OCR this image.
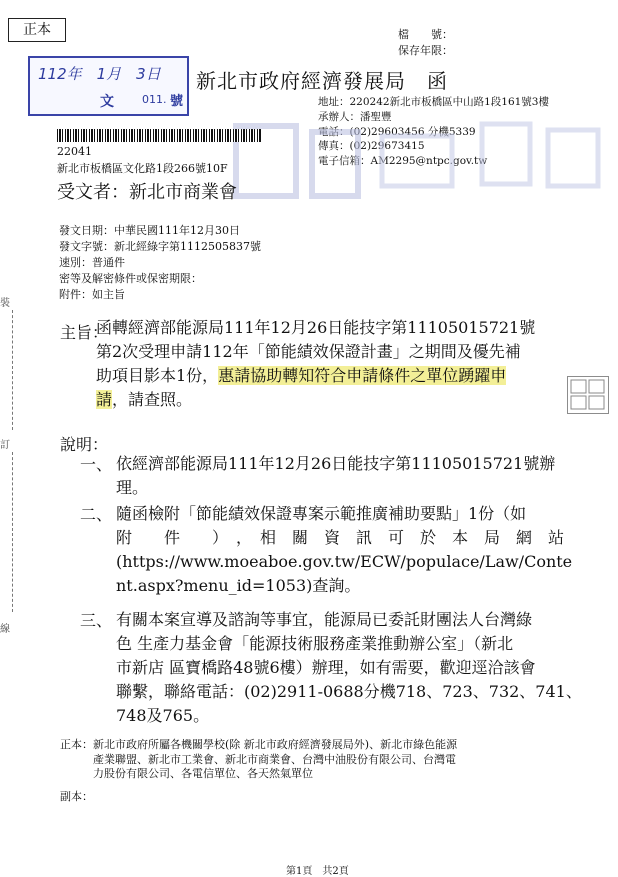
正本	檔　　號：
保存年限：
112年　1月　3日
文	011. 號
新北市政府經濟發展局　函
地址：220242新北市板橋區中山路1段161號3樓
承辦人：潘聖豐
電話：(02)29603456 分機5339
傳真：(02)29673415
電子信箱：AM2295@ntpc.gov.tw
22041
新北市板橋區文化路1段266號10F
受文者：新北市商業會
發文日期：中華民國111年12月30日
發文字號：新北經綠字第1112505837號
速別：普通件
密等及解密條件或保密期限：
附件：如主旨
裝
訂
線
主旨：
函轉經濟部能源局111年12月26日能技字第11105015721號
第2次受理申請112年「節能績效保證計畫」之期間及優先補
助項目影本1份，惠請協助轉知符合申請條件之單位踴躍申
請，請查照。
說明：
一、 依經濟部能源局111年12月26日能技字第11105015721號辦
理。
二、 隨函檢附「節能績效保證專案示範推廣補助要點」1份（如
附　　件　　）　，　相　關　資　訊　可　於　本　局　網　站
(https://www.moeaboe.gov.tw/ECW/populace/Law/Conte
nt.aspx?menu_id=1053)查詢。
三、 有關本案宣導及諮詢等事宜，能源局已委託財團法人台灣綠
色 生產力基金會「能源技術服務產業推動辦公室」（新北
市新店 區寶橋路48號6樓）辦理，如有需要，歡迎逕洽該會
聯繫，聯絡電話：(02)2911-0688分機718、723、732、741、
748及765。
正本：新北市政府所屬各機關學校(除 新北市政府經濟發展局外)、新北市綠色能源
產業聯盟、新北市工業會、新北市商業會、台灣中油股份有限公司、台灣電
力股份有限公司、各電信單位、各天然氣單位
副本：
第1頁　共2頁
